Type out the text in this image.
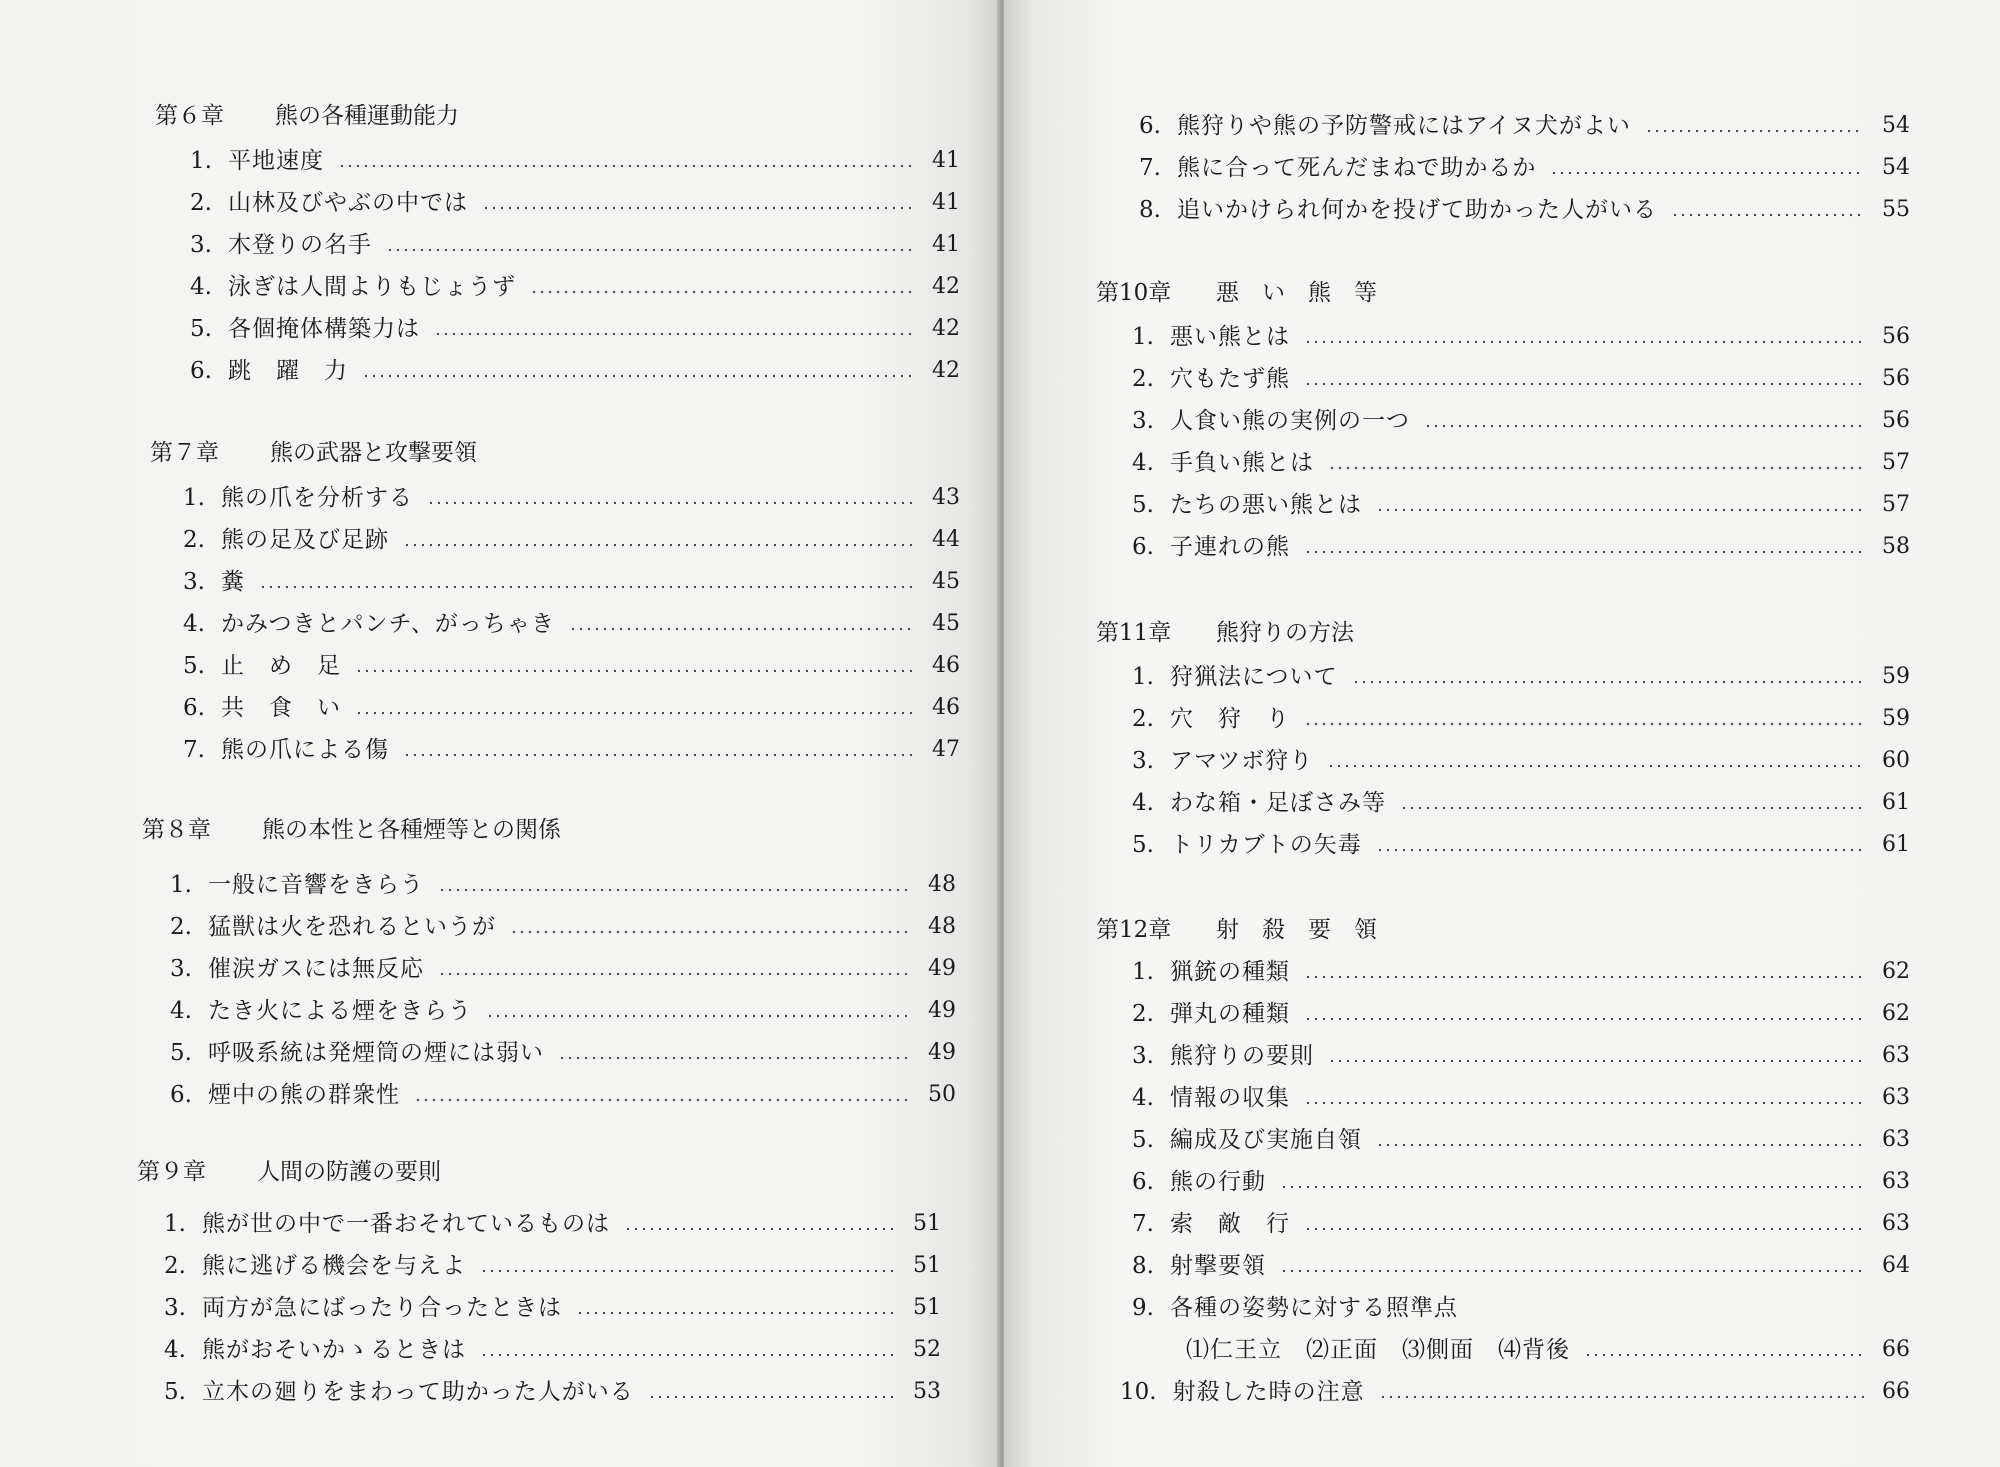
第６章 熊の各種運動能力
1. 平地速度	41
2. 山林及びやぶの中では	41
3. 木登りの名手	41
4. 泳ぎは人間よりもじょうず	42
5. 各個掩体構築力は	42
6. 跳　躍　力	42
第７章 熊の武器と攻撃要領
1. 熊の爪を分析する	43
2. 熊の足及び足跡	44
3. 糞	45
4. かみつきとパンチ、がっちゃき	45
5. 止　め　足	46
6. 共　食　い	46
7. 熊の爪による傷	47
第８章 熊の本性と各種煙等との関係
1. 一般に音響をきらう	48
2. 猛獣は火を恐れるというが	48
3. 催涙ガスには無反応	49
4. たき火による煙をきらう	49
5. 呼吸系統は発煙筒の煙には弱い	49
6. 煙中の熊の群衆性	50
第９章 人間の防護の要則
1. 熊が世の中で一番おそれているものは	51
2. 熊に逃げる機会を与えよ	51
3. 両方が急にばったり合ったときは	51
4. 熊がおそいかゝるときは	52
5. 立木の廻りをまわって助かった人がいる	53
6. 熊狩りや熊の予防警戒にはアイヌ犬がよい	54
7. 熊に合って死んだまねで助かるか	54
8. 追いかけられ何かを投げて助かった人がいる	55
第10章 悪　い　熊　等
1. 悪い熊とは	56
2. 穴もたず熊	56
3. 人食い熊の実例の一つ	56
4. 手負い熊とは	57
5. たちの悪い熊とは	57
6. 子連れの熊	58
第11章 熊狩りの方法
1. 狩猟法について	59
2. 穴　狩　り	59
3. アマツボ狩り	60
4. わな箱・足ぼさみ等	61
5. トリカブトの矢毒	61
第12章 射　殺　要　領
1. 猟銃の種類	62
2. 弾丸の種類	62
3. 熊狩りの要則	63
4. 情報の収集	63
5. 編成及び実施自領	63
6. 熊の行動	63
7. 索　敵　行	63
8. 射撃要領	64
9. 各種の姿勢に対する照準点
⑴仁王立　⑵正面　⑶側面　⑷背後	66
10. 射殺した時の注意	66
